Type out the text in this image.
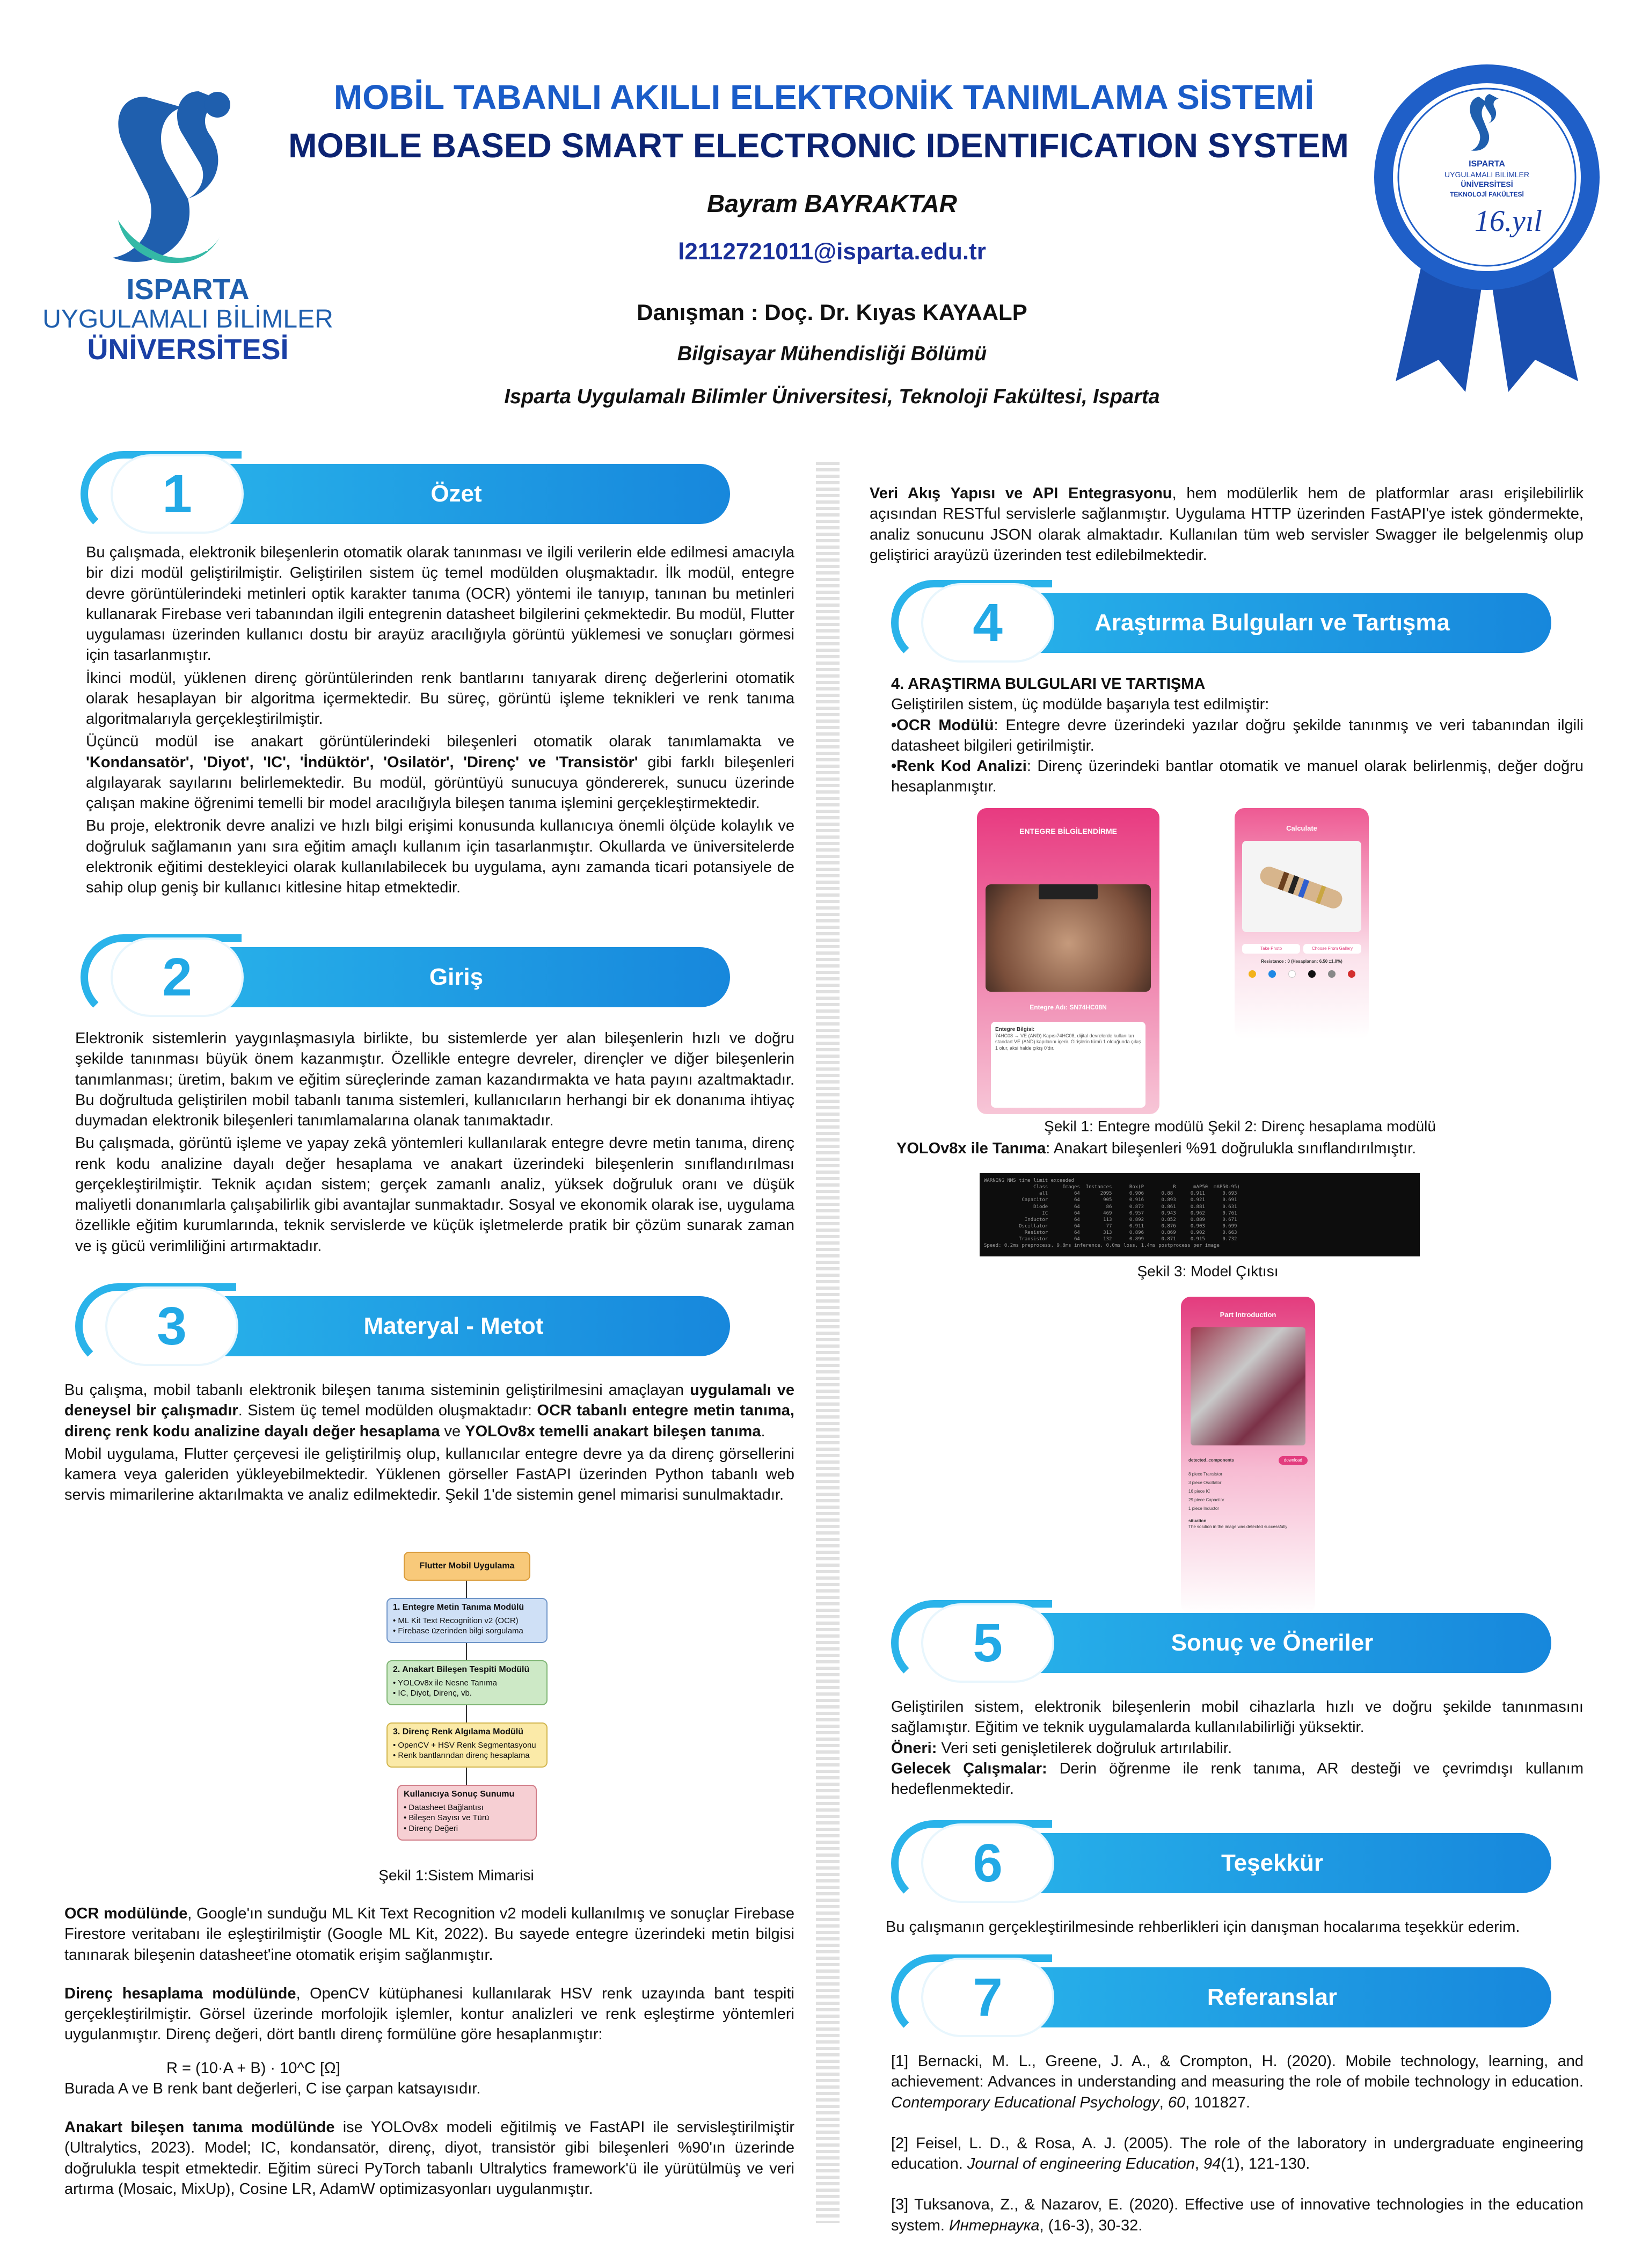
2018
ISPARTA
UYGULAMALI BİLİMLER
ÜNİVERSİTESİ
MOBİL TABANLI AKILLI ELEKTRONİK TANIMLAMA SİSTEMİ
MOBILE BASED SMART ELECTRONIC IDENTIFICATION SYSTEM
Bayram BAYRAKTAR
l2112721011@isparta.edu.tr
Danışman : Doç. Dr. Kıyas KAYAALP
Bilgisayar Mühendisliği Bölümü
Isparta Uygulamalı Bilimler Üniversitesi, Teknoloji Fakültesi, Isparta
ISPARTA
UYGULAMALI BİLİMLER
ÜNİVERSİTESİ
TEKNOLOJİ FAKÜLTESİ
16.yıl
Özet
1

Bu çalışmada, elektronik bileşenlerin otomatik olarak tanınması ve ilgili verilerin elde edilmesi amacıyla bir dizi modül geliştirilmiştir. Geliştirilen sistem üç temel modülden oluşmaktadır. İlk modül, entegre devre görüntülerindeki metinleri optik karakter tanıma (OCR) yöntemi ile tanıyıp, tanınan bu metinleri kullanarak Firebase veri tabanından ilgili entegrenin datasheet bilgilerini çekmektedir. Bu modül, Flutter uygulaması üzerinden kullanıcı dostu bir arayüz aracılığıyla görüntü yüklemesi ve sonuçları görmesi için tasarlanmıştır.

İkinci modül, yüklenen direnç görüntülerinden renk bantlarını tanıyarak direnç değerlerini otomatik olarak hesaplayan bir algoritma içermektedir. Bu süreç, görüntü işleme teknikleri ve renk tanıma algoritmalarıyla gerçekleştirilmiştir.

Üçüncü modül ise anakart görüntülerindeki bileşenleri otomatik olarak tanımlamakta ve 'Kondansatör', 'Diyot', 'IC', 'İndüktör', 'Osilatör', 'Direnç' ve 'Transistör' gibi farklı bileşenleri algılayarak sayılarını belirlemektedir. Bu modül, görüntüyü sunucuya göndererek, sunucu üzerinde çalışan makine öğrenimi temelli bir model aracılığıyla bileşen tanıma işlemini gerçekleştirmektedir.

Bu proje, elektronik devre analizi ve hızlı bilgi erişimi konusunda kullanıcıya önemli ölçüde kolaylık ve doğruluk sağlamanın yanı sıra eğitim amaçlı kullanım için tasarlanmıştır. Okullarda ve üniversitelerde elektronik eğitimi destekleyici olarak kullanılabilecek bu uygulama, aynı zamanda ticari potansiyele de sahip olup geniş bir kullanıcı kitlesine hitap etmektedir.

Giriş
2

Elektronik sistemlerin yaygınlaşmasıyla birlikte, bu sistemlerde yer alan bileşenlerin hızlı ve doğru şekilde tanınması büyük önem kazanmıştır. Özellikle entegre devreler, dirençler ve diğer bileşenlerin tanımlanması; üretim, bakım ve eğitim süreçlerinde zaman kazandırmakta ve hata payını azaltmaktadır. Bu doğrultuda geliştirilen mobil tabanlı tanıma sistemleri, kullanıcıların herhangi bir ek donanıma ihtiyaç duymadan elektronik bileşenleri tanımlamalarına olanak tanımaktadır.

Bu çalışmada, görüntü işleme ve yapay zekâ yöntemleri kullanılarak entegre devre metin tanıma, direnç renk kodu analizine dayalı değer hesaplama ve anakart üzerindeki bileşenlerin sınıflandırılması gerçekleştirilmiştir. Teknik açıdan sistem; gerçek zamanlı analiz, yüksek doğruluk oranı ve düşük maliyetli donanımlarla çalışabilirlik gibi avantajlar sunmaktadır. Sosyal ve ekonomik olarak ise, uygulama özellikle eğitim kurumlarında, teknik servislerde ve küçük işletmelerde pratik bir çözüm sunarak zaman ve iş gücü verimliliğini artırmaktadır.

Materyal - Metot
3

Bu çalışma, mobil tabanlı elektronik bileşen tanıma sisteminin geliştirilmesini amaçlayan uygulamalı ve deneysel bir çalışmadır. Sistem üç temel modülden oluşmaktadır: OCR tabanlı entegre metin tanıma, direnç renk kodu analizine dayalı değer hesaplama ve YOLOv8x temelli anakart bileşen tanıma.

Mobil uygulama, Flutter çerçevesi ile geliştirilmiş olup, kullanıcılar entegre devre ya da direnç görsellerini kamera veya galeriden yükleyebilmektedir. Yüklenen görseller FastAPI üzerinden Python tabanlı web servis mimarilerine aktarılmakta ve analiz edilmektedir. Şekil 1'de sistemin genel mimarisi sunulmaktadır.

Flutter Mobil Uygulama
1. Entegre Metin Tanıma Modülü
• ML Kit Text Recognition v2 (OCR)
• Firebase üzerinden bilgi sorgulama
2. Anakart Bileşen Tespiti Modülü
• YOLOv8x ile Nesne Tanıma
• IC, Diyot, Direnç, vb.
3. Direnç Renk Algılama Modülü
• OpenCV + HSV Renk Segmentasyonu
• Renk bantlarından direnç hesaplama
Kullanıcıya Sonuç Sunumu
• Datasheet Bağlantısı
• Bileşen Sayısı ve Türü
• Direnç Değeri
Şekil 1:Sistem Mimarisi

OCR modülünde, Google'ın sunduğu ML Kit Text Recognition v2 modeli kullanılmış ve sonuçlar Firebase Firestore veritabanı ile eşleştirilmiştir (Google ML Kit, 2022). Bu sayede entegre üzerindeki metin bilgisi tanınarak bileşenin datasheet'ine otomatik erişim sağlanmıştır.

Direnç hesaplama modülünde, OpenCV kütüphanesi kullanılarak HSV renk uzayında bant tespiti gerçekleştirilmiştir. Görsel üzerinde morfolojik işlemler, kontur analizleri ve renk eşleştirme yöntemleri uygulanmıştır. Direnç değeri, dört bantlı direnç formülüne göre hesaplanmıştır:

R = (10·A + B) · 10^C [Ω]

Burada A ve B renk bant değerleri, C ise çarpan katsayısıdır.

Anakart bileşen tanıma modülünde ise YOLOv8x modeli eğitilmiş ve FastAPI ile servisleştirilmiştir (Ultralytics, 2023). Model; IC, kondansatör, direnç, diyot, transistör gibi bileşenleri %90'ın üzerinde doğrulukla tespit etmektedir. Eğitim süreci PyTorch tabanlı Ultralytics framework'ü ile yürütülmüş ve veri artırma (Mosaic, MixUp), Cosine LR, AdamW optimizasyonları uygulanmıştır.

Veri Akış Yapısı ve API Entegrasyonu, hem modülerlik hem de platformlar arası erişilebilirlik açısından RESTful servislerle sağlanmıştır. Uygulama HTTP üzerinden FastAPI'ye istek göndermekte, analiz sonucunu JSON olarak almaktadır. Kullanılan tüm web servisler Swagger ile belgelenmiş olup geliştirici arayüzü üzerinden test edilebilmektedir.

Araştırma Bulguları ve Tartışma
4

4. ARAŞTIRMA BULGULARI VE TARTIŞMA

Geliştirilen sistem, üç modülde başarıyla test edilmiştir:

•OCR Modülü: Entegre devre üzerindeki yazılar doğru şekilde tanınmış ve veri tabanından ilgili datasheet bilgileri getirilmiştir.

•Renk Kod Analizi: Direnç üzerindeki bantlar otomatik ve manuel olarak belirlenmiş, değer doğru hesaplanmıştır.

ENTEGRE BİLGİLENDİRME
Entegre Adı: SN74HC08N
Entegre Bilgisi:
74HC08 → VE (AND) Kapısı74HC08, dijital devrelerde kullanılan standart VE (AND) kapılarını içerir. Girişlerin tümü 1 olduğunda çıkış 1 olur, aksi halde çıkış 0'dır.
Calculate
Take Photo	Choose From Gallery
Resistance : 0 (Hesaplanan: 6.50 ±1.0%)
Şekil 1: Entegre modülü Şekil 2: Direnç hesaplama modülü

YOLOv8x ile Tanıma: Anakart bileşenleri %91 doğrulukla sınıflandırılmıştır.

WARNING NMS time limit exceeded
Class     Images  Instances      Box(P          R      mAP50  mAP50-95)
all         64       2095      0.906      0.88      0.911      0.693
Capacitor         64        905      0.916      0.893     0.921      0.691
Diode         64         86      0.872      0.861     0.881      0.631
IC         64        469      0.957      0.943     0.962      0.761
Inductor         64        113      0.892      0.852     0.889      0.671
Oscillator         64         77      0.911      0.876     0.903      0.699
Resistor         64        313      0.896      0.869     0.902      0.663
Transistor         64        132      0.899      0.871     0.915      0.732
Speed: 0.2ms preprocess, 9.8ms inference, 0.0ms loss, 1.4ms postprocess per image
Şekil 3: Model Çıktısı
Part Introduction
detected_components	download
8 piece Transistor
3 piece Oscillator
16 piece IC
29 piece Capacitor
1 piece Inductor
situation
The solution in the image was detected successfully
Sonuç ve Öneriler
5

Geliştirilen sistem, elektronik bileşenlerin mobil cihazlarla hızlı ve doğru şekilde tanınmasını sağlamıştır. Eğitim ve teknik uygulamalarda kullanılabilirliği yüksektir.

Öneri: Veri seti genişletilerek doğruluk artırılabilir.

Gelecek Çalışmalar: Derin öğrenme ile renk tanıma, AR desteği ve çevrimdışı kullanım hedeflenmektedir.

Teşekkür
6
Bu çalışmanın gerçekleştirilmesinde rehberlikleri için danışman hocalarıma teşekkür ederim.
Referanslar
7

[1] Bernacki, M. L., Greene, J. A., & Crompton, H. (2020). Mobile technology, learning, and achievement: Advances in understanding and measuring the role of mobile technology in education. Contemporary Educational Psychology, 60, 101827.

[2] Feisel, L. D., & Rosa, A. J. (2005). The role of the laboratory in undergraduate engineering education. Journal of engineering Education, 94(1), 121-130.

[3] Tuksanova, Z., & Nazarov, E. (2020). Effective use of innovative technologies in the education system. Интернаука, (16-3), 30-32.
